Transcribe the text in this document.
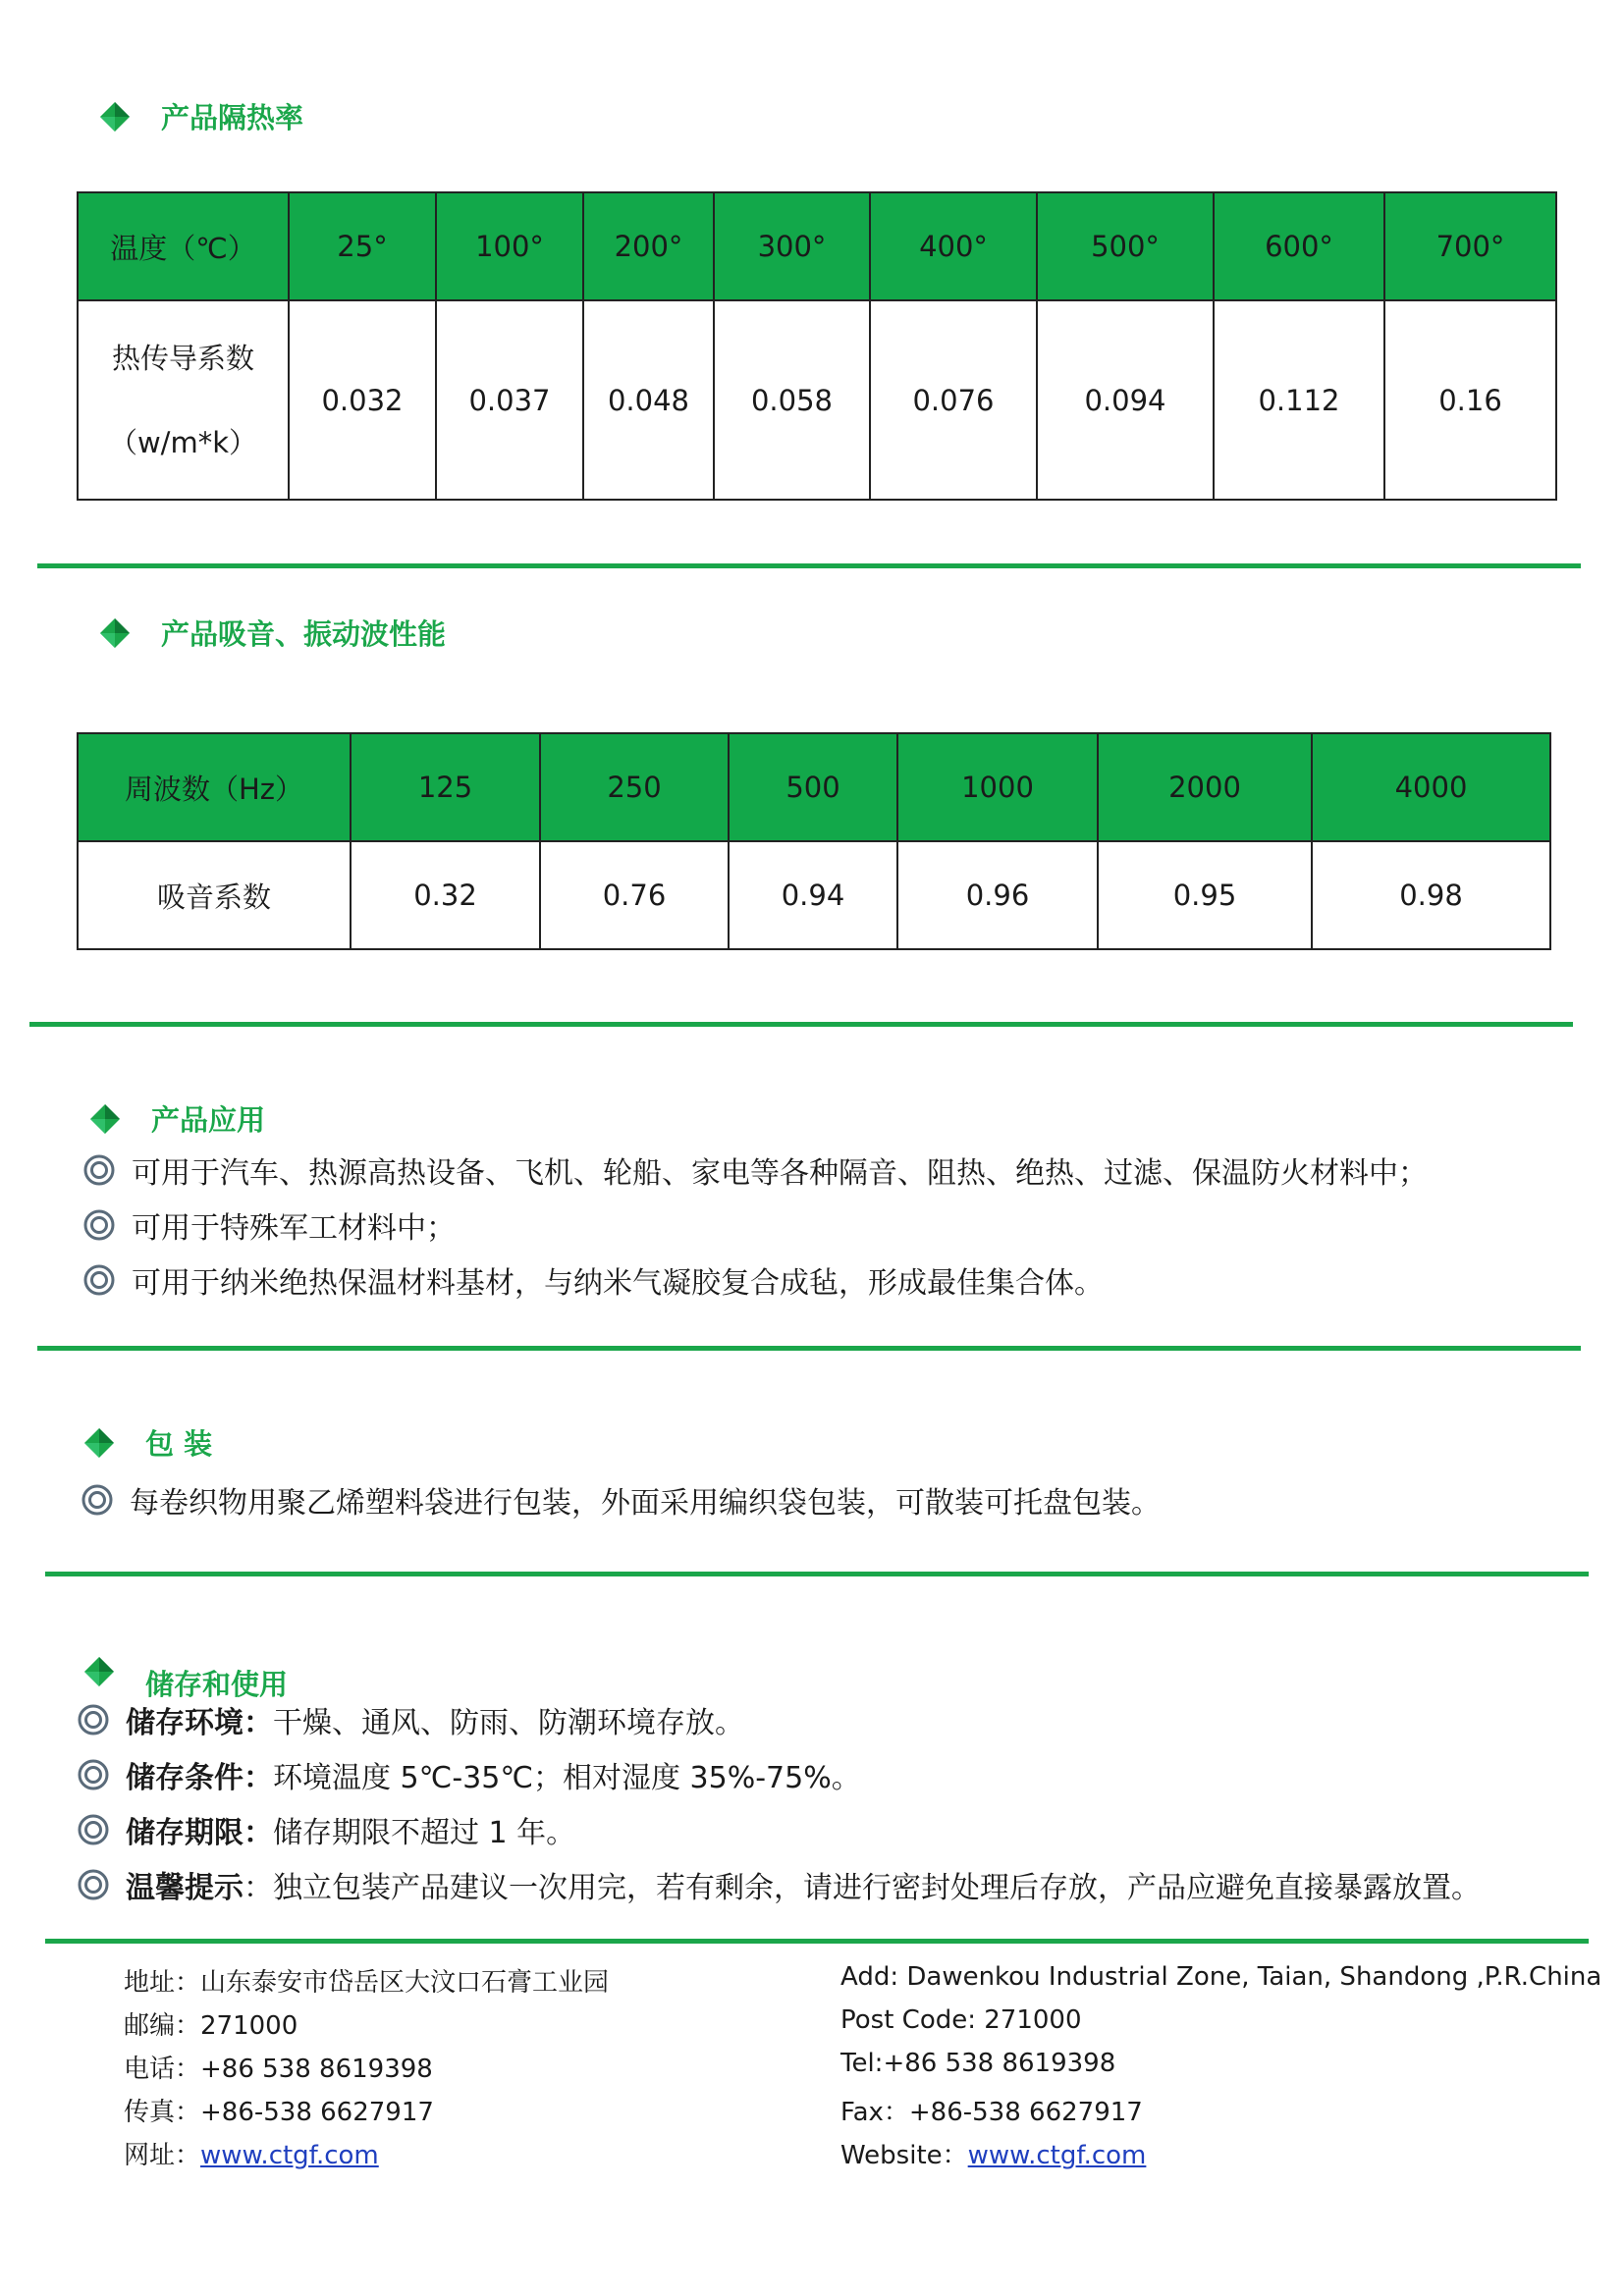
产品隔热率
温度（℃）	25°	100°	200°	300°	400°	500°	600°	700°

热传导系数
（w/m*k）	0.032	0.037	0.048	0.058	0.076	0.094	0.112	0.16
产品吸音、振动波性能
周波数（Hz）	125	250	500	1000	2000	4000
吸音系数	0.32	0.76	0.94	0.96	0.95	0.98
产品应用
可用于汽车、热源高热设备、飞机、轮船、家电等各种隔音、阻热、绝热、过滤、保温防火材料中；
可用于特殊军工材料中；
可用于纳米绝热保温材料基材，与纳米气凝胶复合成毡，形成最佳集合体。
包 装
每卷织物用聚乙烯塑料袋进行包装，外面采用编织袋包装，可散装可托盘包装。
储存和使用
储存环境： 干燥、通风、防雨、防潮环境存放。
储存条件： 环境温度 5℃-35℃；相对湿度 35%-75%。
储存期限： 储存期限不超过 1 年。
温馨提示 ：独立包装产品建议一次用完，若有剩余，请进行密封处理后存放，产品应避免直接暴露放置。
地址：山东泰安市岱岳区大汶口石膏工业园
邮编：271000
电话：+86 538 8619398
传真：+86-538 6627917
网址：www.ctgf.com
Add: Dawenkou Industrial Zone, Taian, Shandong ,P.R.China
Post Code: 271000
Tel:+86 538 8619398
Fax：+86-538 6627917
Website：www.ctgf.com
